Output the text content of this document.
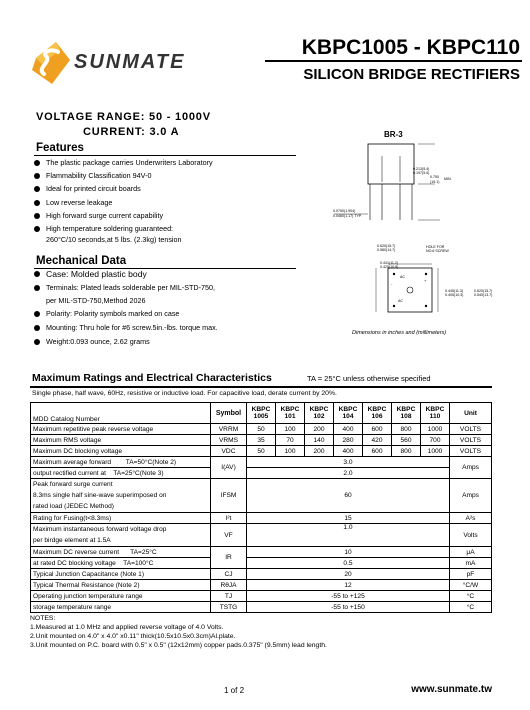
SUNMATE
KBPC1005 - KBPC110
SILICON BRIDGE RECTIFIERS
VOLTAGE RANGE: 50 - 1000V
CURRENT: 3.0 A
Features
The plastic package carries Underwriters Laboratory
Flammability Classification 94V-0
Ideal for printed circuit boards
Low reverse leakage
High forward surge current capability
High temperature soldering guaranteed:
260°C/10 seconds,at 5 lbs. (2.3kg) tension
Mechanical Data
Case: Molded plastic body
Terminals: Plated leads solderable per MIL-STD-750,
per MIL-STD-750,Method 2026
Polarity: Polarity symbols marked on case
Mounting: Thru hole for #6 screw.5in.-lbs. torque max.
Weight:0.093 ounce, 2.62 grams
BR-3
0.213(5.4)
0.197(5.0)
0.750
(19.1)
MIN.
0.0750(1.904)
0.0460(1.17) TYP.
0.620(15.7)
0.580(14.7)
HOLE FOR
NO.6 SCREW
0.441(11.2)
0.425(10.8)
AC
AC
+
-
0.445(11.3)
0.405(10.3)
0.620(15.7)
0.540(13.7)
Dimensions in inches and (millimeters)
Maximum Ratings and Electrical Characteristics	TA = 25°C unless otherwise specified
Single phase, half wave, 60Hz, resistive or inductive load. For capacitive load, derate current by 20%.
MDD Catalog Number	Symbol	KBPC 1005	KBPC 101	KBPC 102	KBPC 104	KBPC 106	KBPC 108	KBPC 110	Unit
Maximum repetitive peak reverse voltage	VRRM	50	100	200	400	600	800	1000	VOLTS
Maximum RMS voltage	VRMS	35	70	140	280	420	560	700	VOLTS
Maximum DC blocking voltage	VDC	50	100	200	400	600	800	1000	VOLTS
Maximum average forward TA=50°C(Note 2)	I(AV)	3.0							Amps
output rectified current at TA=25°C(Note 3)		2.0							
Peak forward surge current
8.3ms single half sine-wave superimposed on
rated load (JEDEC Method)	IFSM	60							Amps
Rating for Fusing(t<8.3ms)	I²t	15							A²s
Maximum instantaneous forward voltage drop
per birdge element at 1.5A	VF	1.0							Volts
Maximum DC reverse current TA=25°C	IR	10							μA
at rated DC blocking voltage TA=100°C		0.5							mA
Typical Junction Capacitance (Note 1)	CJ	20							pF
Typical Thermal Resistance (Note 2)	RθJA	12							°C/W
Operating junction temperature range	TJ	-55 to +125							°C
storage temperature range	TSTG	-55 to +150							°C
NOTES:
1.Measured at 1.0 MHz and applied reverse voltage of 4.0 Volts.
2.Unit mounted on 4.0" x 4.0" x0.11" thick(10.5x10.5x0.3cm)Al.plate.
3.Unit mounted on P.C. board with 0.5" x 0.5" (12x12mm) copper pads.0.375" (9.5mm) lead length.
1 of 2	www.sunmate.tw
